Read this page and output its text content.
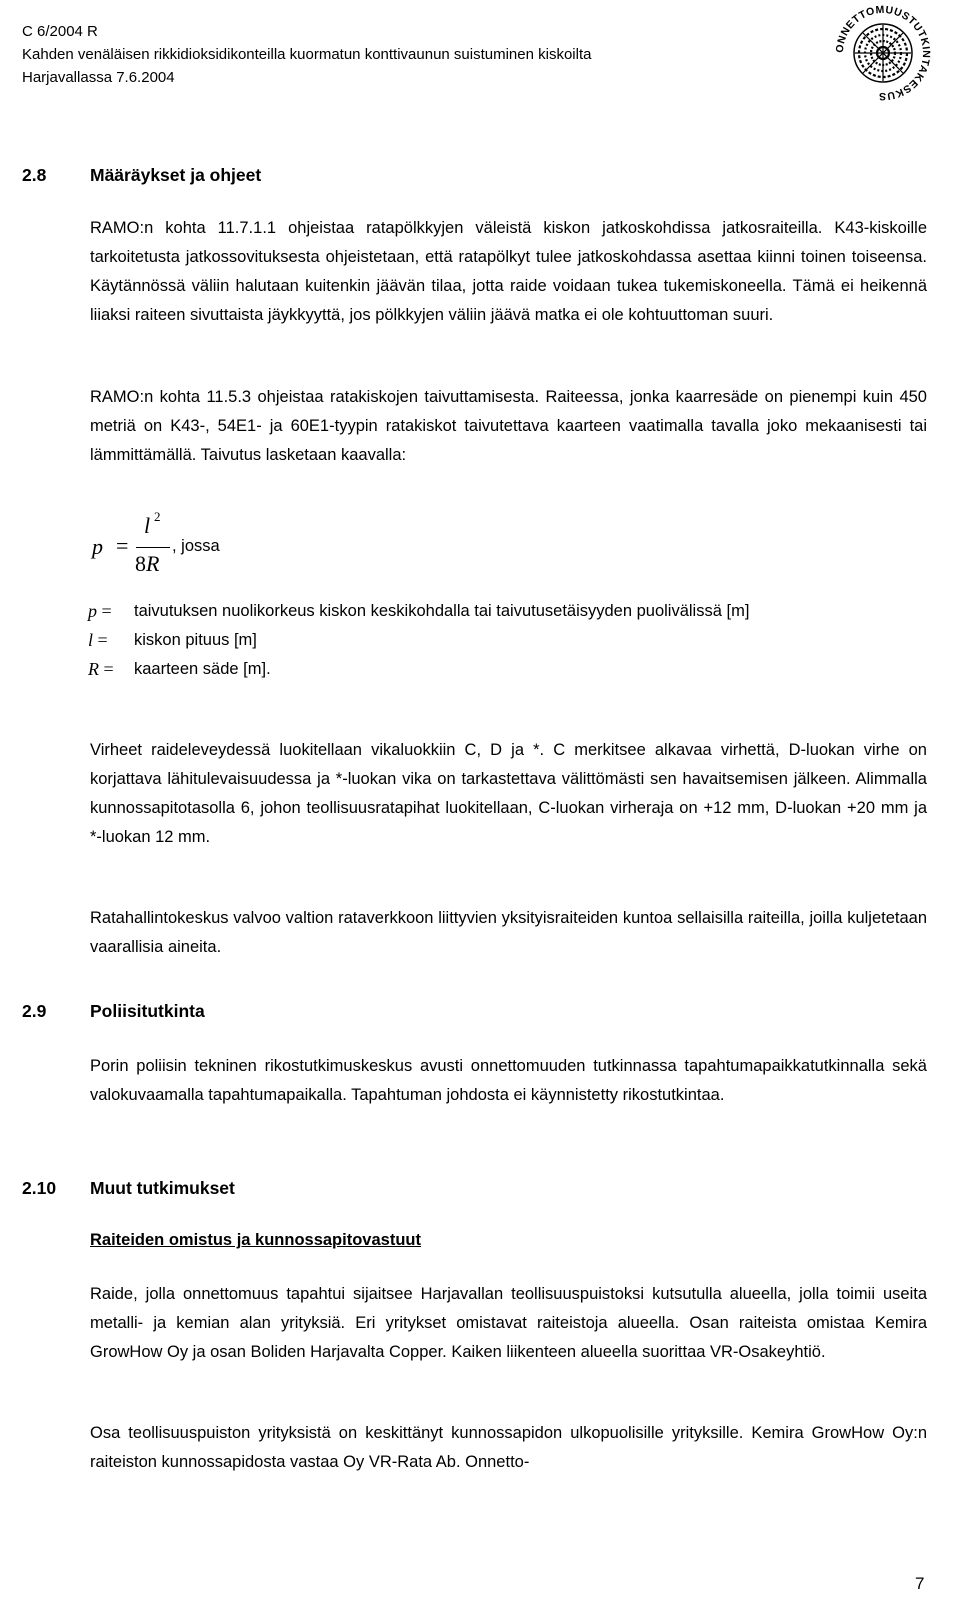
C 6/2004 R
Kahden venäläisen rikkidioksidikonteilla kuormatun konttivaunun suistuminen kiskoilta
Harjavallassa 7.6.2004
ONNETTOMUUSTUTKINTAKESKUS
2.8 Määräykset ja ohjeet

RAMO:n kohta 11.7.1.1 ohjeistaa ratapölkkyjen väleistä kiskon jatkoskohdissa jatkosraiteilla. K43-kiskoille tarkoitetusta jatkossovituksesta ohjeistetaan, että ratapölkyt tulee jatkoskohdassa asettaa kiinni toinen toiseensa. Käytännössä väliin halutaan kuitenkin jäävän tilaa, jotta raide voidaan tukea tukemiskoneella. Tämä ei heikennä liiaksi raiteen sivuttaista jäykkyyttä, jos pölkkyjen väliin jäävä matka ei ole kohtuuttoman suuri.

RAMO:n kohta 11.5.3 ohjeistaa ratakiskojen taivuttamisesta. Raiteessa, jonka kaarresäde on pienempi kuin 450 metriä on K43-, 54E1- ja 60E1-tyypin ratakiskot taivutettava kaarteen vaatimalla tavalla joko mekaanisesti tai lämmittämällä. Taivutus lasketaan kaavalla:

p =
l 2
8R
, jossa
p = taivutuksen nuolikorkeus kiskon keskikohdalla tai taivutusetäisyyden puolivälissä [m]
l = kiskon pituus [m]
R = kaarteen säde [m].

Virheet raideleveydessä luokitellaan vikaluokkiin C, D ja *. C merkitsee alkavaa virhettä, D-luokan virhe on korjattava lähitulevaisuudessa ja *-luokan vika on tarkastettava välittömästi sen havaitsemisen jälkeen. Alimmalla kunnossapitotasolla 6, johon teollisuusratapihat luokitellaan, C-luokan virheraja on +12 mm, D-luokan +20 mm ja *-luokan 12 mm.

Ratahallintokeskus valvoo valtion rataverkkoon liittyvien yksityisraiteiden kuntoa sellaisilla raiteilla, joilla kuljetetaan vaarallisia aineita.

2.9 Poliisitutkinta

Porin poliisin tekninen rikostutkimuskeskus avusti onnettomuuden tutkinnassa tapahtumapaikkatutkinnalla sekä valokuvaamalla tapahtumapaikalla. Tapahtuman johdosta ei käynnistetty rikostutkintaa.

2.10 Muut tutkimukset
Raiteiden omistus ja kunnossapitovastuut

Raide, jolla onnettomuus tapahtui sijaitsee Harjavallan teollisuuspuistoksi kutsutulla alueella, jolla toimii useita metalli- ja kemian alan yrityksiä. Eri yritykset omistavat raiteistoja alueella. Osan raiteista omistaa Kemira GrowHow Oy ja osan Boliden Harjavalta Copper. Kaiken liikenteen alueella suorittaa VR-Osakeyhtiö.

Osa teollisuuspuiston yrityksistä on keskittänyt kunnossapidon ulkopuolisille yrityksille. Kemira GrowHow Oy:n raiteiston kunnossapidosta vastaa Oy VR-Rata Ab. Onnetto-

7
